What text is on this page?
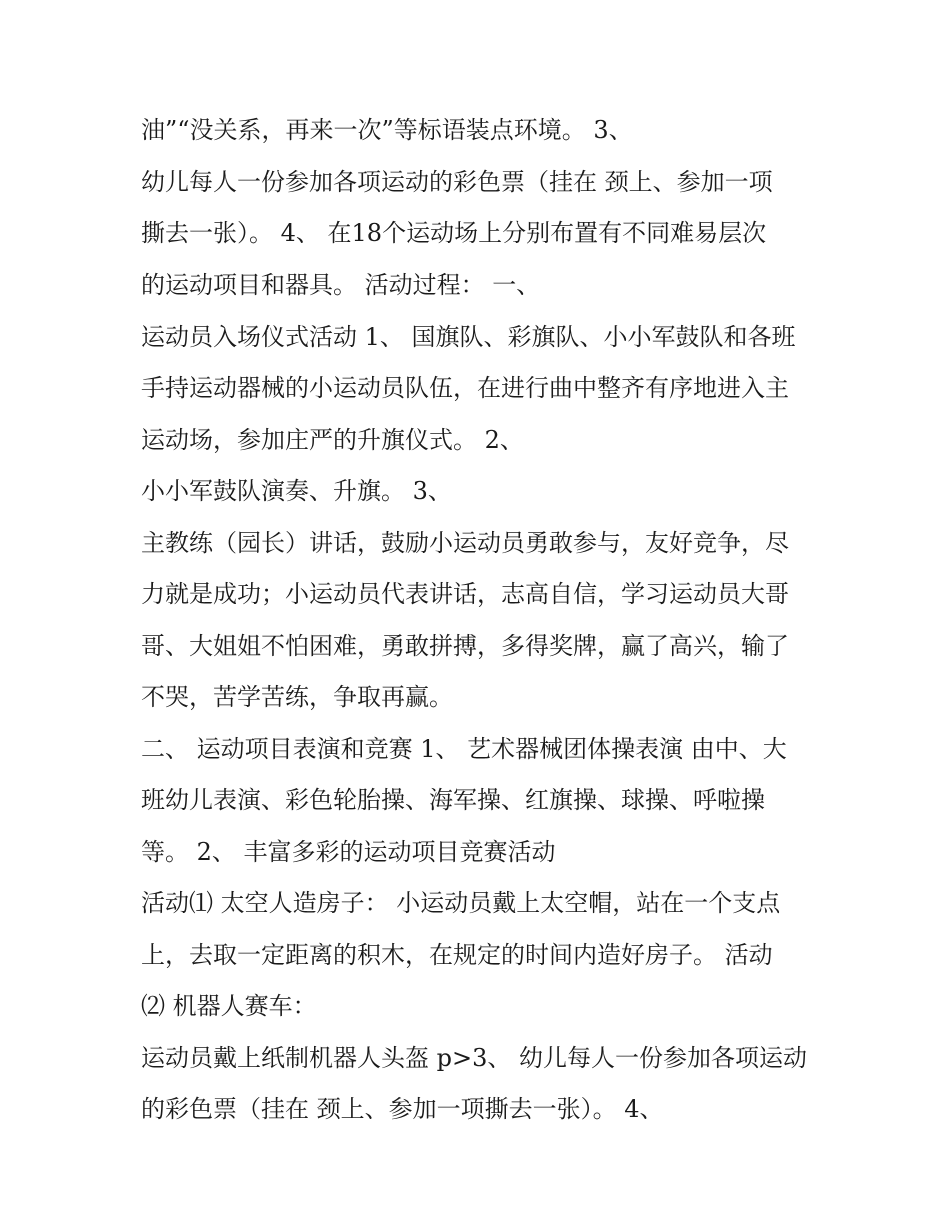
油”“没关系，再来一次”等标语装点环境。 3、
幼儿每人一份参加各项运动的彩色票（挂在 颈上、参加一项
撕去一张）。 4、 在18个运动场上分别布置有不同难易层次
的运动项目和器具。 活动过程： 一、
运动员入场仪式活动 1、 国旗队、彩旗队、小小军鼓队和各班
手持运动器械的小运动员队伍，在进行曲中整齐有序地进入主
运动场，参加庄严的升旗仪式。 2、
小小军鼓队演奏、升旗。 3、
主教练（园长）讲话，鼓励小运动员勇敢参与，友好竞争，尽
力就是成功；小运动员代表讲话，志高自信，学习运动员大哥
哥、大姐姐不怕困难，勇敢拼搏，多得奖牌，赢了高兴，输了
不哭，苦学苦练，争取再赢。
二、 运动项目表演和竞赛 1、 艺术器械团体操表演 由中、大
班幼儿表演、彩色轮胎操、海军操、红旗操、球操、呼啦操
等。 2、 丰富多彩的运动项目竞赛活动
活动⑴ 太空人造房子： 小运动员戴上太空帽，站在一个支点
上，去取一定距离的积木，在规定的时间内造好房子。 活动
⑵ 机器人赛车：
运动员戴上纸制机器人头盔 p>3、 幼儿每人一份参加各项运动
的彩色票（挂在 颈上、参加一项撕去一张）。 4、
